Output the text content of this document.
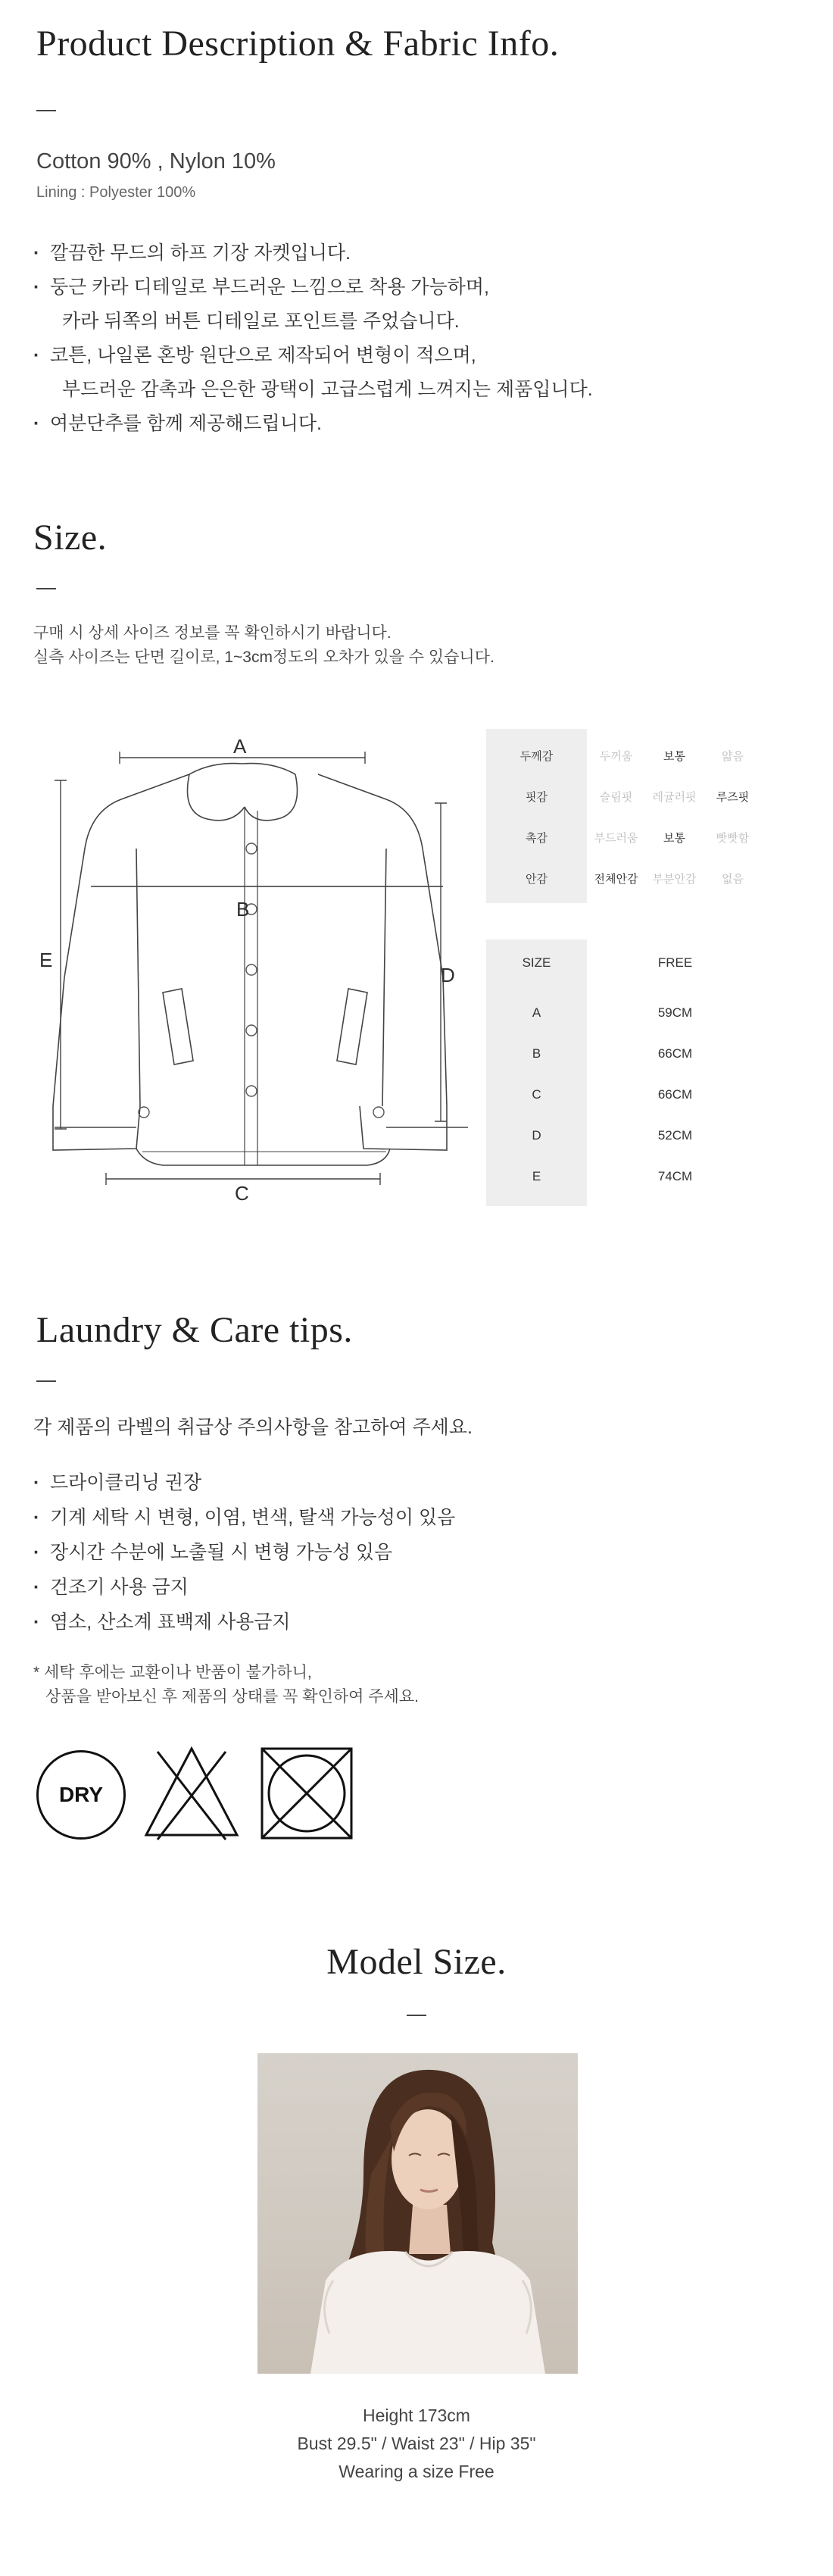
Product Description & Fabric Info.
Cotton 90% , Nylon 10%
Lining : Polyester 100%
· 깔끔한 무드의 하프 기장 자켓입니다.
· 둥근 카라 디테일로 부드러운 느낌으로 착용 가능하며,
카라 뒤쪽의 버튼 디테일로 포인트를 주었습니다.
· 코튼, 나일론 혼방 원단으로 제작되어 변형이 적으며,
부드러운 감촉과 은은한 광택이 고급스럽게 느껴지는 제품입니다.
· 여분단추를 함께 제공해드립니다.
Size.
구매 시 상세 사이즈 정보를 꼭 확인하시기 바랍니다.
실측 사이즈는 단면 길이로, 1~3cm정도의 오차가 있을 수 있습니다.
A
B
C
D
E
두께감	두꺼움	보통	얇음
핏감	슬림핏	레귤러핏	루즈핏
촉감	부드러움	보통	빳빳함
안감	전체안감	부분안감	없음
SIZE	FREE
A	59CM
B	66CM
C	66CM
D	52CM
E	74CM
Laundry & Care tips.
각 제품의 라벨의 취급상 주의사항을 참고하여 주세요.
· 드라이클리닝 권장
· 기계 세탁 시 변형, 이염, 변색, 탈색 가능성이 있음
· 장시간 수분에 노출될 시 변형 가능성 있음
· 건조기 사용 금지
· 염소, 산소계 표백제 사용금지
* 세탁 후에는 교환이나 반품이 불가하니,
상품을 받아보신 후 제품의 상태를 꼭 확인하여 주세요.
DRY
Model Size.
Height 173cm
Bust 29.5" / Waist 23" / Hip 35"
Wearing a size Free
